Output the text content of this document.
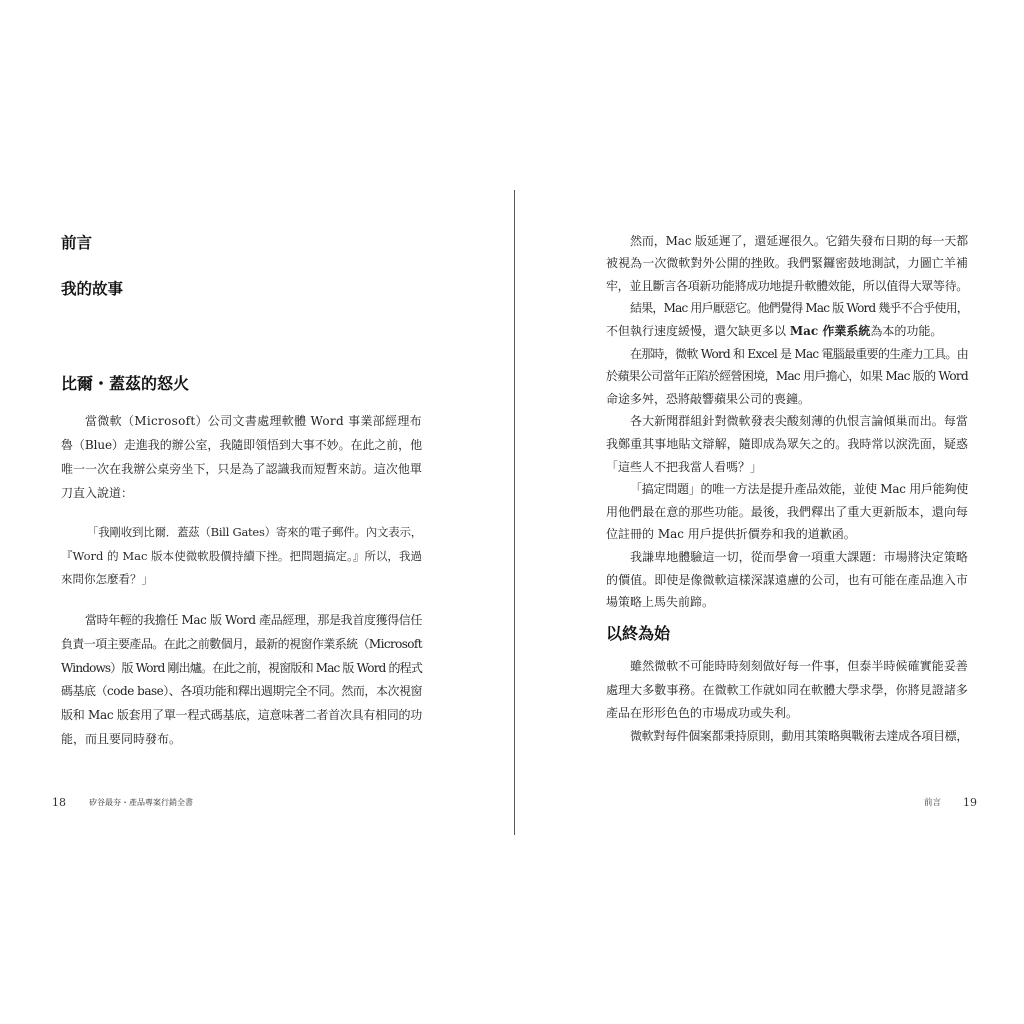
前言
我的故事
比爾・蓋茲的怒火
當微軟（Microsoft）公司文書處理軟體 Word 事業部經理布
魯（Blue）走進我的辦公室，我隨即領悟到大事不妙。在此之前，他
唯一一次在我辦公桌旁坐下，只是為了認識我而短暫來訪。這次他單
刀直入說道：
「我剛收到比爾．蓋茲（Bill Gates）寄來的電子郵件。內文表示，
『Word 的 Mac 版本使微軟股價持續下挫。把問題搞定。』所以，我過
來問你怎麼看？」
當時年輕的我擔任 Mac 版 Word 產品經理，那是我首度獲得信任
負責一項主要產品。在此之前數個月，最新的視窗作業系統（Microsoft
Windows）版 Word 剛出爐。在此之前，視窗版和 Mac 版 Word 的程式
碼基底（code base）、各項功能和釋出週期完全不同。然而，本次視窗
版和 Mac 版套用了單一程式碼基底，這意味著二者首次具有相同的功
能，而且要同時發布。
18	矽谷最夯・產品專案行銷全書
然而，Mac 版延遲了，還延遲很久。它錯失發布日期的每一天都
被視為一次微軟對外公開的挫敗。我們緊鑼密鼓地測試，力圖亡羊補
牢，並且斷言各項新功能將成功地提升軟體效能，所以值得大眾等待。
結果，Mac 用戶厭惡它。他們覺得 Mac 版 Word 幾乎不合乎使用，
不但執行速度緩慢，還欠缺更多以 Mac 作業系統為本的功能。
在那時，微軟 Word 和 Excel 是 Mac 電腦最重要的生產力工具。由
於蘋果公司當年正陷於經營困境，Mac 用戶擔心，如果 Mac 版的 Word
命途多舛，恐將敲響蘋果公司的喪鐘。
各大新聞群組針對微軟發表尖酸刻薄的仇恨言論傾巢而出。每當
我鄭重其事地貼文辯解，隨即成為眾矢之的。我時常以淚洗面，疑惑
「這些人不把我當人看嗎？」
「搞定問題」的唯一方法是提升產品效能，並使 Mac 用戶能夠使
用他們最在意的那些功能。最後，我們釋出了重大更新版本，還向每
位註冊的 Mac 用戶提供折價券和我的道歉函。
我謙卑地體驗這一切，從而學會一項重大課題：市場將決定策略
的價值。即使是像微軟這樣深謀遠慮的公司，也有可能在產品進入市
場策略上馬失前蹄。
以終為始
雖然微軟不可能時時刻刻做好每一件事，但泰半時候確實能妥善
處理大多數事務。在微軟工作就如同在軟體大學求學，你將見證諸多
產品在形形色色的市場成功或失利。
微軟對每件個案都秉持原則，動用其策略與戰術去達成各項目標，
前言 19
